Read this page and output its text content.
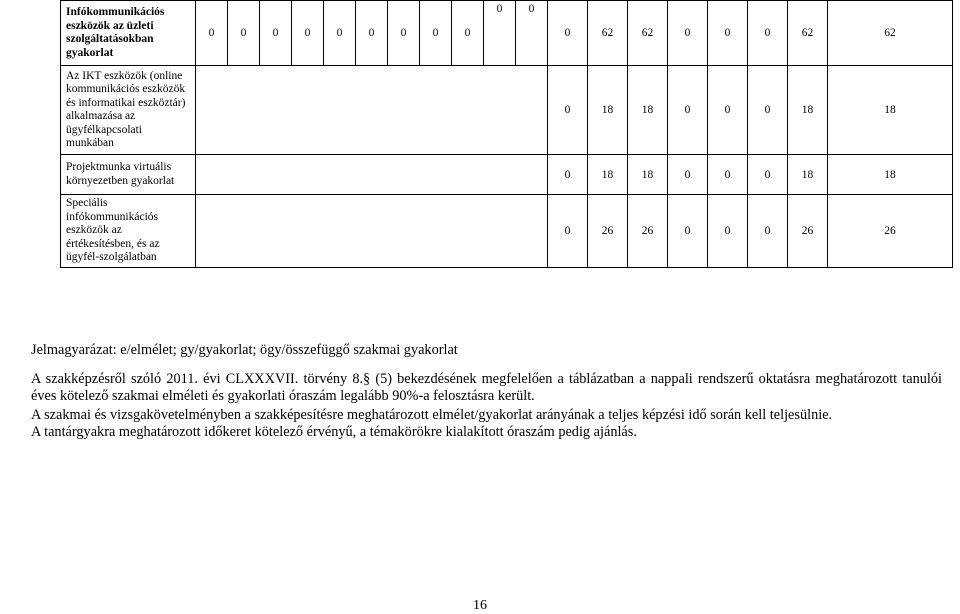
Infókommunikációs eszközök az üzleti szolgáltatásokban gyakorlat	0	0	0	0	0	0	0	0	0	0	0	0	62	62	0	0	0	62	62
Az IKT eszközök (online kommunikációs eszközök és informatikai eszköztár) alkalmazása az ügyfélkapcsolati munkában												0	18	18	0	0	0	18	18
Projektmunka virtuális környezetben gyakorlat												0	18	18	0	0	0	18	18
Speciális infókommunikációs eszközök az értékesítésben, és az ügyfél-szolgálatban												0	26	26	0	0	0	26	26
Jelmagyarázat: e/elmélet; gy/gyakorlat; ögy/összefüggő szakmai gyakorlat
A szakképzésről szóló 2011. évi CLXXXVII. törvény 8.§ (5) bekezdésének megfelelően a táblázatban a nappali rendszerű oktatásra meghatározott tanulói éves kötelező szakmai elméleti és gyakorlati óraszám legalább 90%-a felosztásra került.
A szakmai és vizsgakövetelményben a szakképesítésre meghatározott elmélet/gyakorlat arányának a teljes képzési idő során kell teljesülnie.
A tantárgyakra meghatározott időkeret kötelező érvényű, a témakörökre kialakított óraszám pedig ajánlás.
16
